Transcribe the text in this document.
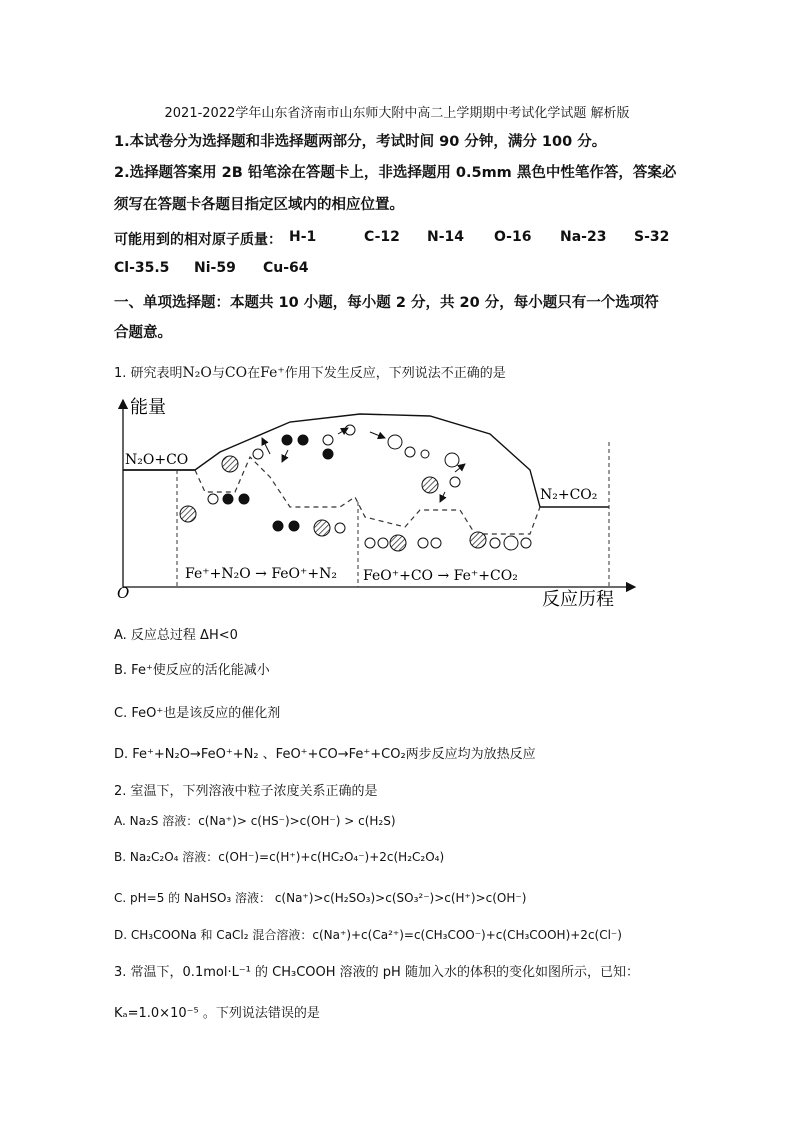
2021-2022学年山东省济南市山东师大附中高二上学期期中考试化学试题 解析版
1.本试卷分为选择题和非选择题两部分，考试时间 90 分钟，满分 100 分。
2.选择题答案用 2B 铅笔涂在答题卡上，非选择题用 0.5mm 黑色中性笔作答，答案必
须写在答题卡各题目指定区域内的相应位置。
可能用到的相对原子质量： H-1	C-12 N-14 O-16 Na-23 S-32
Cl-35.5 Ni-59 Cu-64
一、单项选择题：本题共 10 小题，每小题 2 分，共 20 分，每小题只有一个选项符
合题意。
1. 研究表明N₂O与CO在Fe⁺作用下发生反应，下列说法不正确的是
能量
反应历程
O
N₂O+CO
N₂+CO₂
Fe⁺+N₂O → FeO⁺+N₂ FeO⁺+CO → Fe⁺+CO₂
A. 反应总过程 ΔH<0
B. Fe⁺使反应的活化能减小
C. FeO⁺也是该反应的催化剂
D. Fe⁺+N₂O→FeO⁺+N₂ 、FeO⁺+CO→Fe⁺+CO₂两步反应均为放热反应
2. 室温下，下列溶液中粒子浓度关系正确的是
A. Na₂S 溶液：c(Na⁺)> c(HS⁻)>c(OH⁻) > c(H₂S)
B. Na₂C₂O₄ 溶液：c(OH⁻)=c(H⁺)+c(HC₂O₄⁻)+2c(H₂C₂O₄)
C. pH=5 的 NaHSO₃ 溶液： c(Na⁺)>c(H₂SO₃)>c(SO₃²⁻)>c(H⁺)>c(OH⁻)
D. CH₃COONa 和 CaCl₂ 混合溶液：c(Na⁺)+c(Ca²⁺)=c(CH₃COO⁻)+c(CH₃COOH)+2c(Cl⁻)
3. 常温下，0.1mol·L⁻¹ 的 CH₃COOH 溶液的 pH 随加入水的体积的变化如图所示，已知：
Kₐ=1.0×10⁻⁵ 。下列说法错误的是
